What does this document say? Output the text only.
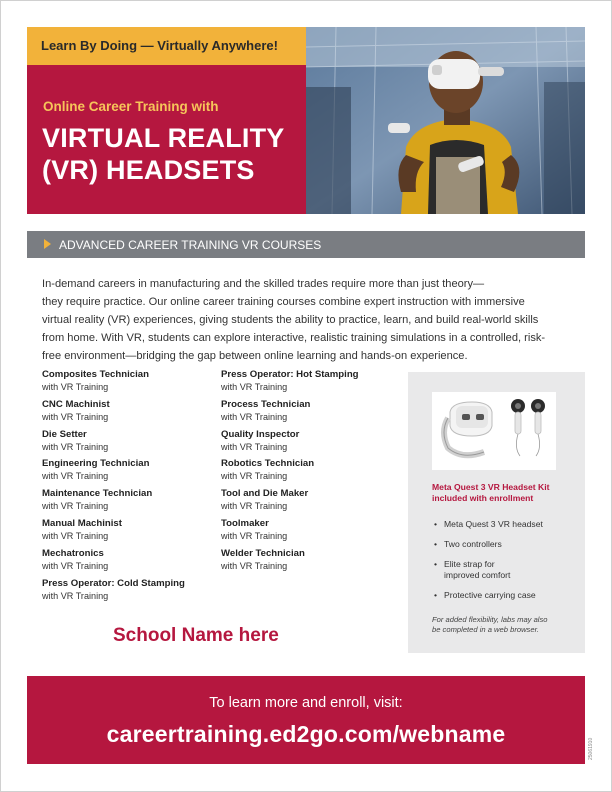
Learn By Doing — Virtually Anywhere!
Online Career Training with
VIRTUAL REALITY
(VR) HEADSETS
ADVANCED CAREER TRAINING VR COURSES
In-demand careers in manufacturing and the skilled trades require more than just theory—
they require practice. Our online career training courses combine expert instruction with immersive
virtual reality (VR) experiences, giving students the ability to practice, learn, and build real-world skills
from home. With VR, students can explore interactive, realistic training simulations in a controlled, risk-
free environment—bridging the gap between online learning and hands-on experience.
Composites Technician
with VR Training
CNC Machinist
with VR Training
Die Setter
with VR Training
Engineering Technician
with VR Training
Maintenance Technician
with VR Training
Manual Machinist
with VR Training
Mechatronics
with VR Training
Press Operator: Cold Stamping
with VR Training
Press Operator: Hot Stamping
with VR Training
Process Technician
with VR Training
Quality Inspector
with VR Training
Robotics Technician
with VR Training
Tool and Die Maker
with VR Training
Toolmaker
with VR Training
Welder Technician
with VR Training
School Name here
Meta Quest 3 VR Headset Kit
included with enrollment
• Meta Quest 3 VR headset
• Two controllers
• Elite strap for
improved comfort
• Protective carrying case
For added flexibility, labs may also
be completed in a web browser.
To learn more and enroll, visit:
careertraining.ed2go.com/webname
25061910
